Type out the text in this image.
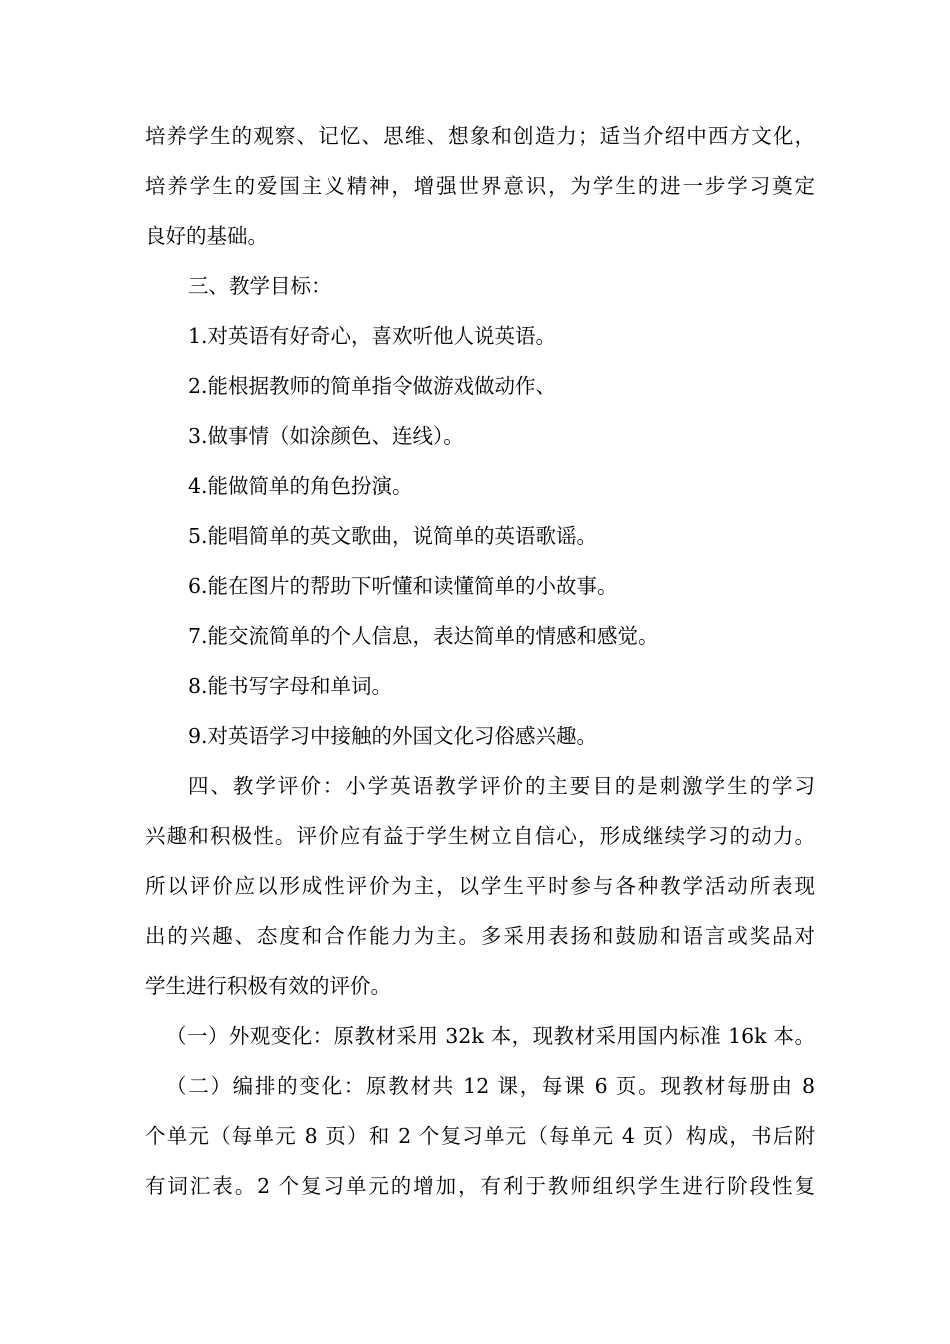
培养学生的观察、记忆、思维、想象和创造力；适当介绍中西方文化，
培养学生的爱国主义精神，增强世界意识，为学生的进一步学习奠定
良好的基础。
三、教学目标：
1.对英语有好奇心，喜欢听他人说英语。
2.能根据教师的简单指令做游戏做动作、
3.做事情（如涂颜色、连线）。
4.能做简单的角色扮演。
5.能唱简单的英文歌曲，说简单的英语歌谣。
6.能在图片的帮助下听懂和读懂简单的小故事。
7.能交流简单的个人信息，表达简单的情感和感觉。
8.能书写字母和单词。
9.对英语学习中接触的外国文化习俗感兴趣。
四、教学评价：小学英语教学评价的主要目的是刺激学生的学习
兴趣和积极性。评价应有益于学生树立自信心，形成继续学习的动力。
所以评价应以形成性评价为主，以学生平时参与各种教学活动所表现
出的兴趣、态度和合作能力为主。多采用表扬和鼓励和语言或奖品对
学生进行积极有效的评价。
（一）外观变化：原教材采用 32k 本，现教材采用国内标准 16k 本。
（二）编排的变化：原教材共 12 课，每课 6 页。现教材每册由 8
个单元（每单元 8 页）和 2 个复习单元（每单元 4 页）构成，书后附
有词汇表。2 个复习单元的增加，有利于教师组织学生进行阶段性复
